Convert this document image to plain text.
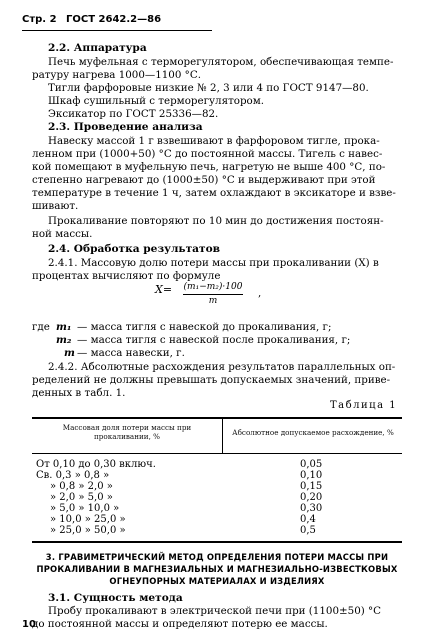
Стр. 2 ГОСТ 2642.2—86
2.2. Аппаратура
Печь муфельная с терморегулятором, обеспечивающая темпе-
ратуру нагрева 1000—1100 °С.
Тигли фарфоровые низкие № 2, 3 или 4 по ГОСТ 9147—80.
Шкаф сушильный с терморегулятором.
Эксикатор по ГОСТ 25336—82.
2.3. Проведение анализа
Навеску массой 1 г взвешивают в фарфоровом тигле, прока-
ленном при (1000+50) °С до постоянной массы. Тигель с навес-
кой помещают в муфельную печь, нагретую не выше 400 °С, по-
степенно нагревают до (1000±50) °С и выдерживают при этой
температуре в течение 1 ч, затем охлаждают в эксикаторе и взве-
шивают.
Прокаливание повторяют по 10 мин до достижения постоян-
ной массы.
2.4. Обработка результатов
2.4.1. Массовую долю потери массы при прокаливании (X) в
процентах вычисляют по формуле
X= (m₁−m₂)·100
m
,
где m₁ — масса тигля с навеской до прокаливания, г;
m₂ — масса тигля с навеской после прокаливания, г;
m — масса навески, г.
2.4.2. Абсолютные расхождения результатов параллельных оп-
ределений не должны превышать допускаемых значений, приве-
денных в табл. 1.
Таблица 1
Массовая доля потери массы при
прокаливании, %	Абсолютное допускаемое расхождение, %
От 0,10 до 0,30 включ.	0,05
Св. 0,3 » 0,8 »	0,10
» 0,8 » 2,0 »	0,15
» 2,0 » 5,0 »	0,20
» 5,0 » 10,0 »	0,30
» 10,0 » 25,0 »	0,4
» 25,0 » 50,0 »	0,5
3. ГРАВИМЕТРИЧЕСКИЙ МЕТОД ОПРЕДЕЛЕНИЯ ПОТЕРИ МАССЫ ПРИ
ПРОКАЛИВАНИИ В МАГНЕЗИАЛЬНЫХ И МАГНЕЗИАЛЬНО-ИЗВЕСТКОВЫХ
ОГНЕУПОРНЫХ МАТЕРИАЛАХ И ИЗДЕЛИЯХ
3.1. Сущность метода
Пробу прокаливают в электрической печи при (1100±50) °С
до постоянной массы и определяют потерю ее массы.
10
